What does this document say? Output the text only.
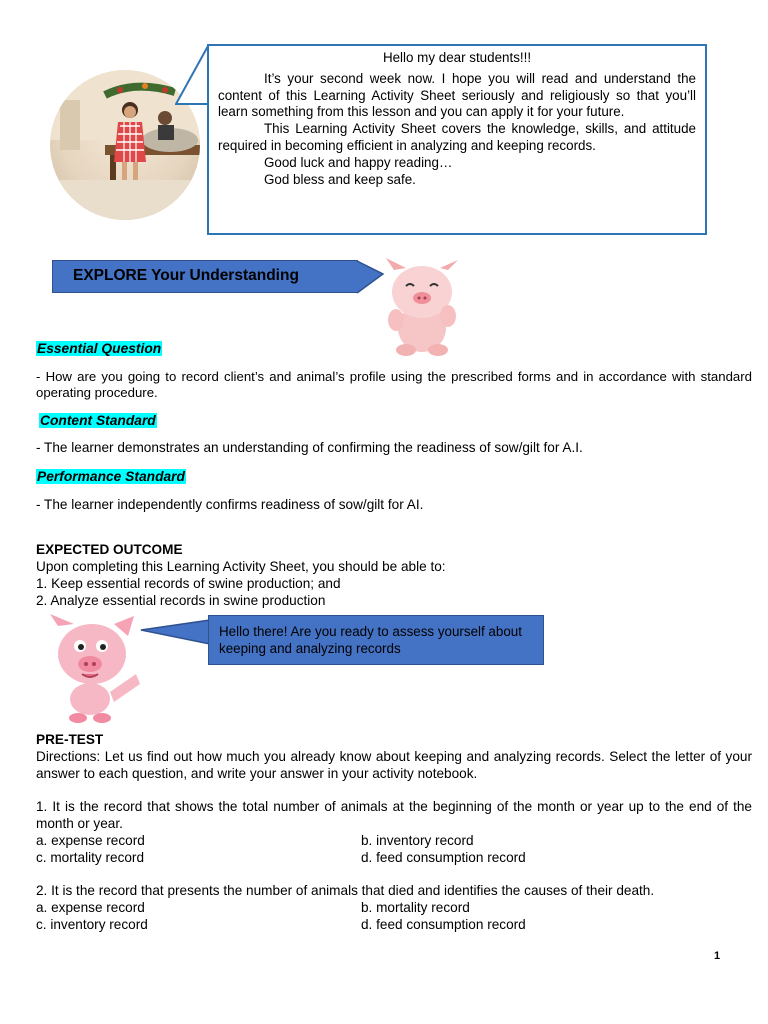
Hello my dear students!!!

It’s your second week now. I hope you will read and understand the content of this Learning Activity Sheet seriously and religiously so that you’ll learn something from this lesson and you can apply it for your future.

This Learning Activity Sheet covers the knowledge, skills, and attitude required in becoming efficient in analyzing and keeping records.

Good luck and happy reading…

God bless and keep safe.

EXPLORE Your Understanding
Essential Question
- How are you going to record client’s and animal’s profile using the prescribed forms and in accordance with standard operating procedure.
Content Standard
- The learner demonstrates an understanding of confirming the readiness of sow/gilt for A.I.
Performance Standard
- The learner independently confirms readiness of sow/gilt for AI.
EXPECTED OUTCOME
Upon completing this Learning Activity Sheet, you should be able to:
1. Keep essential records of swine production; and
2. Analyze essential records in swine production
Hello there! Are you ready to assess yourself about keeping and analyzing records
PRE-TEST
Directions: Let us find out how much you already know about keeping and analyzing records. Select the letter of your answer to each question, and write your answer in your activity notebook.
1. It is the record that shows the total number of animals at the beginning of the month or year up to the end of the month or year.
a. expense record	b. inventory record
c. mortality record	d. feed consumption record
2. It is the record that presents the number of animals that died and identifies the causes of their death.
a. expense record	b. mortality record
c. inventory record	d. feed consumption record
1
